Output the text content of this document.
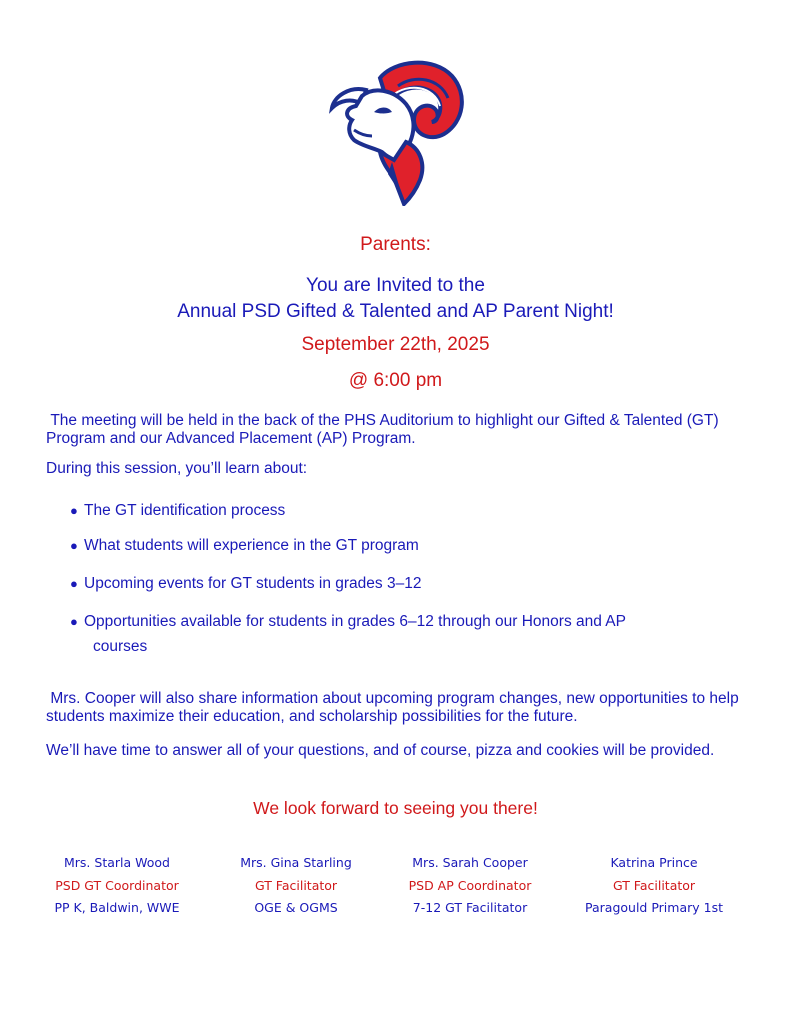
Parents:
You are Invited to the
Annual PSD Gifted & Talented and AP Parent Night!
September 22th, 2025
@ 6:00 pm
The meeting will be held in the back of the PHS Auditorium to highlight our Gifted & Talented (GT) Program and our Advanced Placement (AP) Program.
During this session, you’ll learn about:
● The GT identification process
● What students will experience in the GT program
● Upcoming events for GT students in grades 3–12
● Opportunities available for students in grades 6–12 through our Honors and AP
courses
Mrs. Cooper will also share information about upcoming program changes, new opportunities to help students maximize their education, and scholarship possibilities for the future.
We’ll have time to answer all of your questions, and of course, pizza and cookies will be provided.
We look forward to seeing you there!
Mrs. Starla Wood
PSD GT Coordinator
PP K, Baldwin, WWE
Mrs. Gina Starling
GT Facilitator
OGE & OGMS
Mrs. Sarah Cooper
PSD AP Coordinator
7-12 GT Facilitator
Katrina Prince
GT Facilitator
Paragould Primary 1st
